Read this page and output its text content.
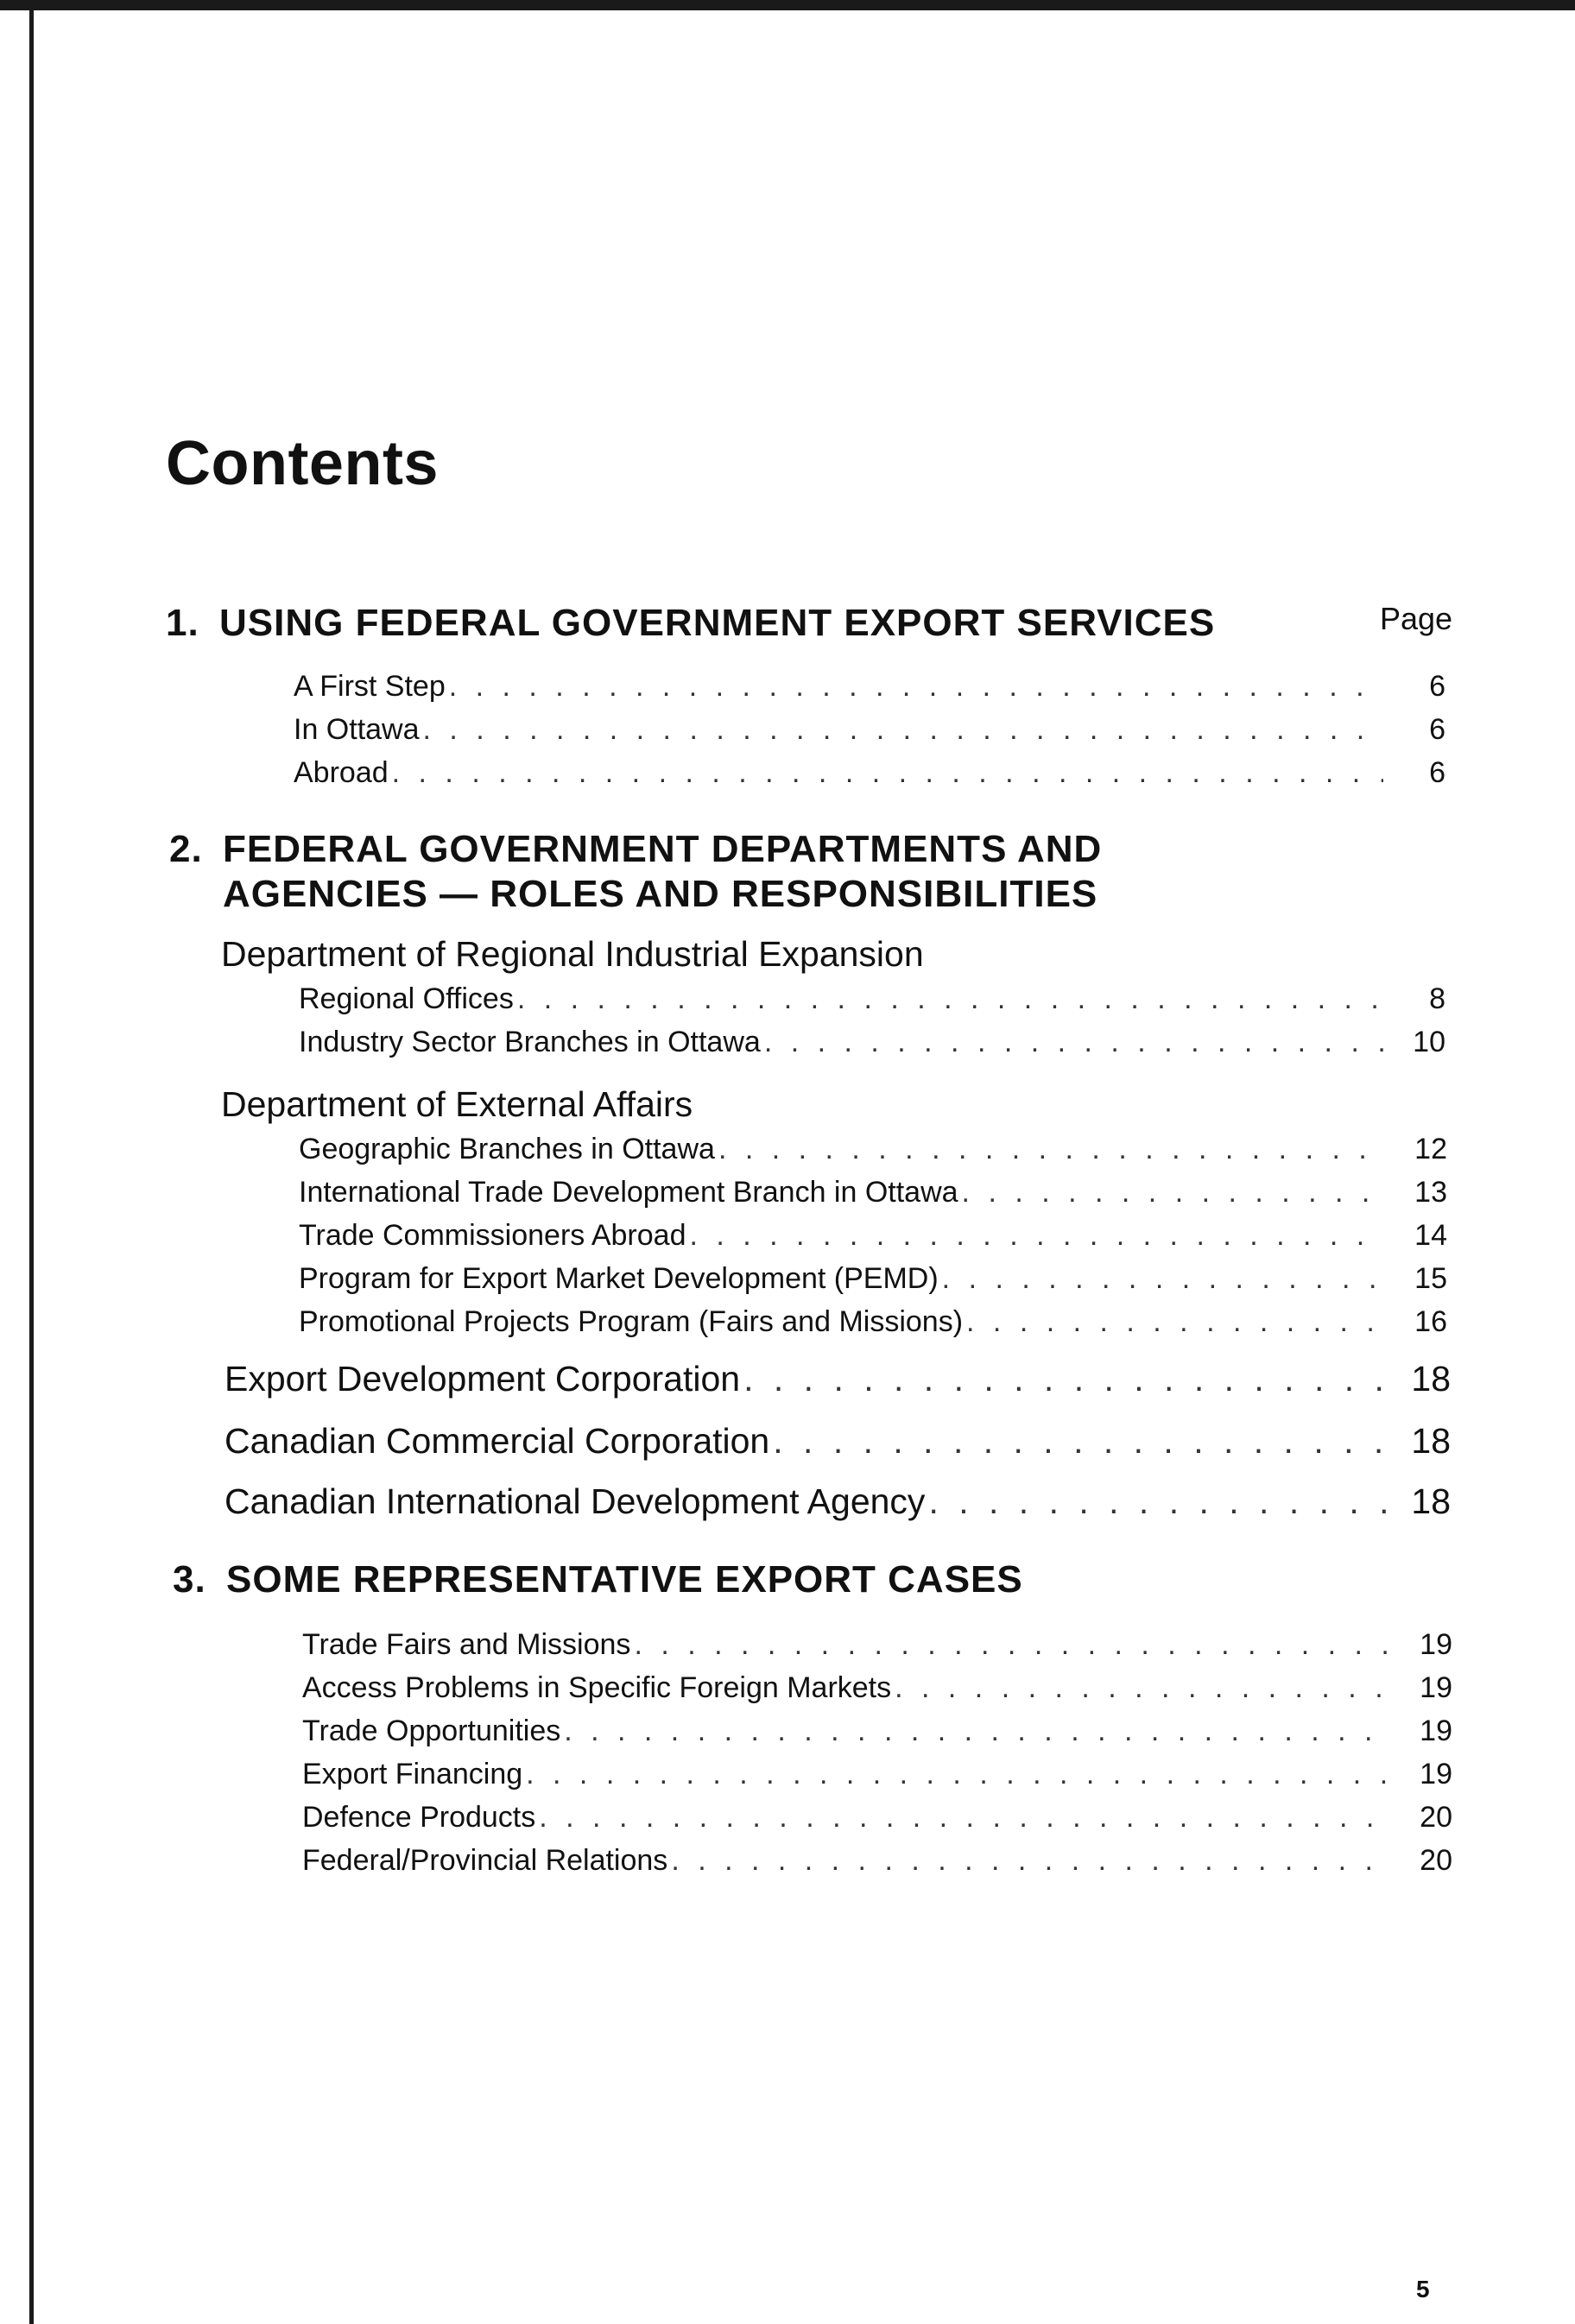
Contents
1. USING FEDERAL GOVERNMENT EXPORT SERVICES	Page
A First Step . . .	6
In Ottawa . . .	6
Abroad . . .	6
2. FEDERAL GOVERNMENT DEPARTMENTS AND
AGENCIES — ROLES AND RESPONSIBILITIES
Department of Regional Industrial Expansion
Regional Offices . . .	8
Industry Sector Branches in Ottawa . . .	10
Department of External Affairs
Geographic Branches in Ottawa . . .	12
International Trade Development Branch in Ottawa . . .	13
Trade Commissioners Abroad . . .	14
Program for Export Market Development (PEMD) . . .	15
Promotional Projects Program (Fairs and Missions) . . .	16
Export Development Corporation . . .	18
Canadian Commercial Corporation . . .	18
Canadian International Development Agency . . .	18
3. SOME REPRESENTATIVE EXPORT CASES
Trade Fairs and Missions . . .	19
Access Problems in Specific Foreign Markets . . .	19
Trade Opportunities . . .	19
Export Financing . . .	19
Defence Products . . .	20
Federal/Provincial Relations . . .	20
5
